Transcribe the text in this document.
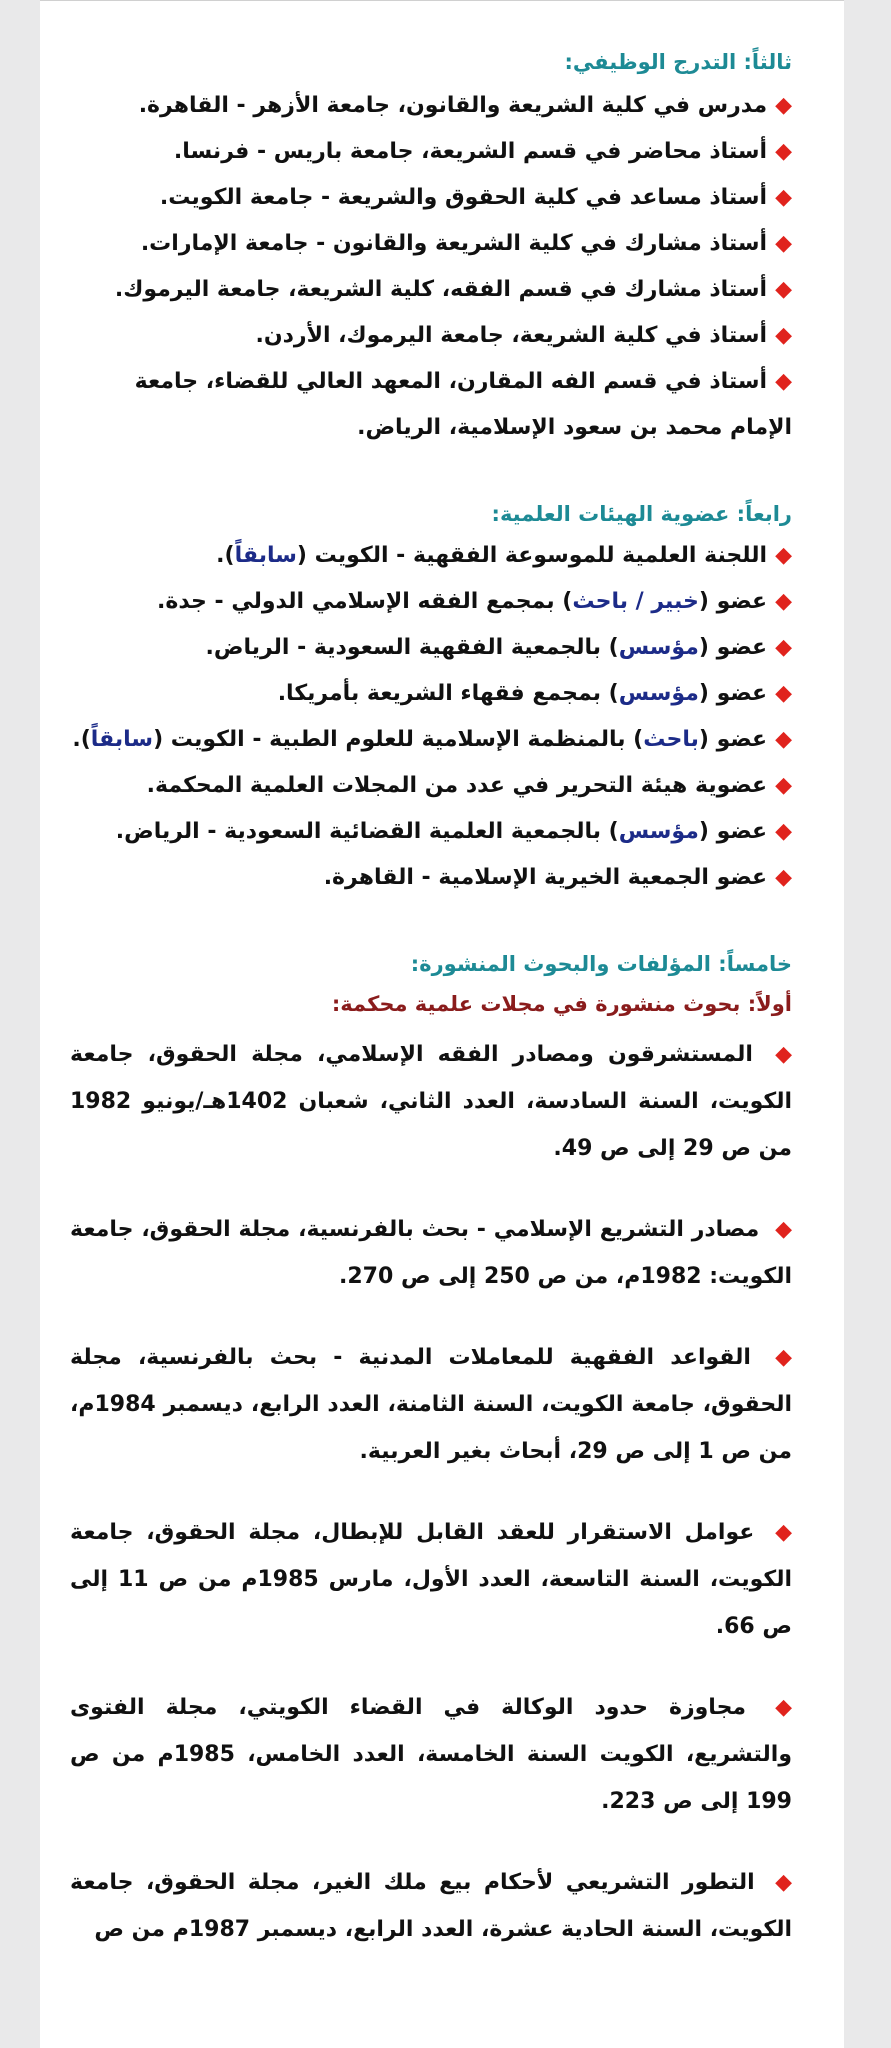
ثالثاً: التدرج الوظيفي:
◆مدرس في كلية الشريعة والقانون، جامعة الأزهر - القاهرة.
◆أستاذ محاضر في قسم الشريعة، جامعة باريس - فرنسا.
◆أستاذ مساعد في كلية الحقوق والشريعة - جامعة الكويت.
◆أستاذ مشارك في كلية الشريعة والقانون - جامعة الإمارات.
◆أستاذ مشارك في قسم الفقه، كلية الشريعة، جامعة اليرموك.
◆أستاذ في كلية الشريعة، جامعة اليرموك، الأردن.
◆أستاذ في قسم الفه المقارن، المعهد العالي للقضاء، جامعة الإمام محمد بن سعود الإسلامية، الرياض.
رابعاً: عضوية الهيئات العلمية:
◆اللجنة العلمية للموسوعة الفقهية - الكويت (سابقاً).
◆عضو (خبير / باحث) بمجمع الفقه الإسلامي الدولي - جدة.
◆عضو (مؤسس) بالجمعية الفقهية السعودية - الرياض.
◆عضو (مؤسس) بمجمع فقهاء الشريعة بأمريكا.
◆عضو (باحث) بالمنظمة الإسلامية للعلوم الطبية - الكويت (سابقاً).
◆عضوية هيئة التحرير في عدد من المجلات العلمية المحكمة.
◆عضو (مؤسس) بالجمعية العلمية القضائية السعودية - الرياض.
◆عضو الجمعية الخيرية الإسلامية - القاهرة.
خامساً: المؤلفات والبحوث المنشورة:
أولاً: بحوث منشورة في مجلات علمية محكمة:

◆ المستشرقون ومصادر الفقه الإسلامي، مجلة الحقوق، جامعة الكويت، السنة السادسة، العدد الثاني، شعبان 1402هـ/يونيو 1982 من ص 29 إلى ص 49.

◆ مصادر التشريع الإسلامي - بحث بالفرنسية، مجلة الحقوق، جامعة الكويت: 1982م، من ص 250 إلى ص 270.

◆ القواعد الفقهية للمعاملات المدنية - بحث بالفرنسية، مجلة الحقوق، جامعة الكويت، السنة الثامنة، العدد الرابع، ديسمبر 1984م، من ص 1 إلى ص 29، أبحاث بغير العربية.

◆ عوامل الاستقرار للعقد القابل للإبطال، مجلة الحقوق، جامعة الكويت، السنة التاسعة، العدد الأول، مارس 1985م من ص 11 إلى ص 66.

◆ مجاوزة حدود الوكالة في القضاء الكويتي، مجلة الفتوى والتشريع، الكويت السنة الخامسة، العدد الخامس، 1985م من ص 199 إلى ص 223.

◆ التطور التشريعي لأحكام بيع ملك الغير، مجلة الحقوق، جامعة الكويت، السنة الحادية عشرة، العدد الرابع، ديسمبر 1987م من ص
